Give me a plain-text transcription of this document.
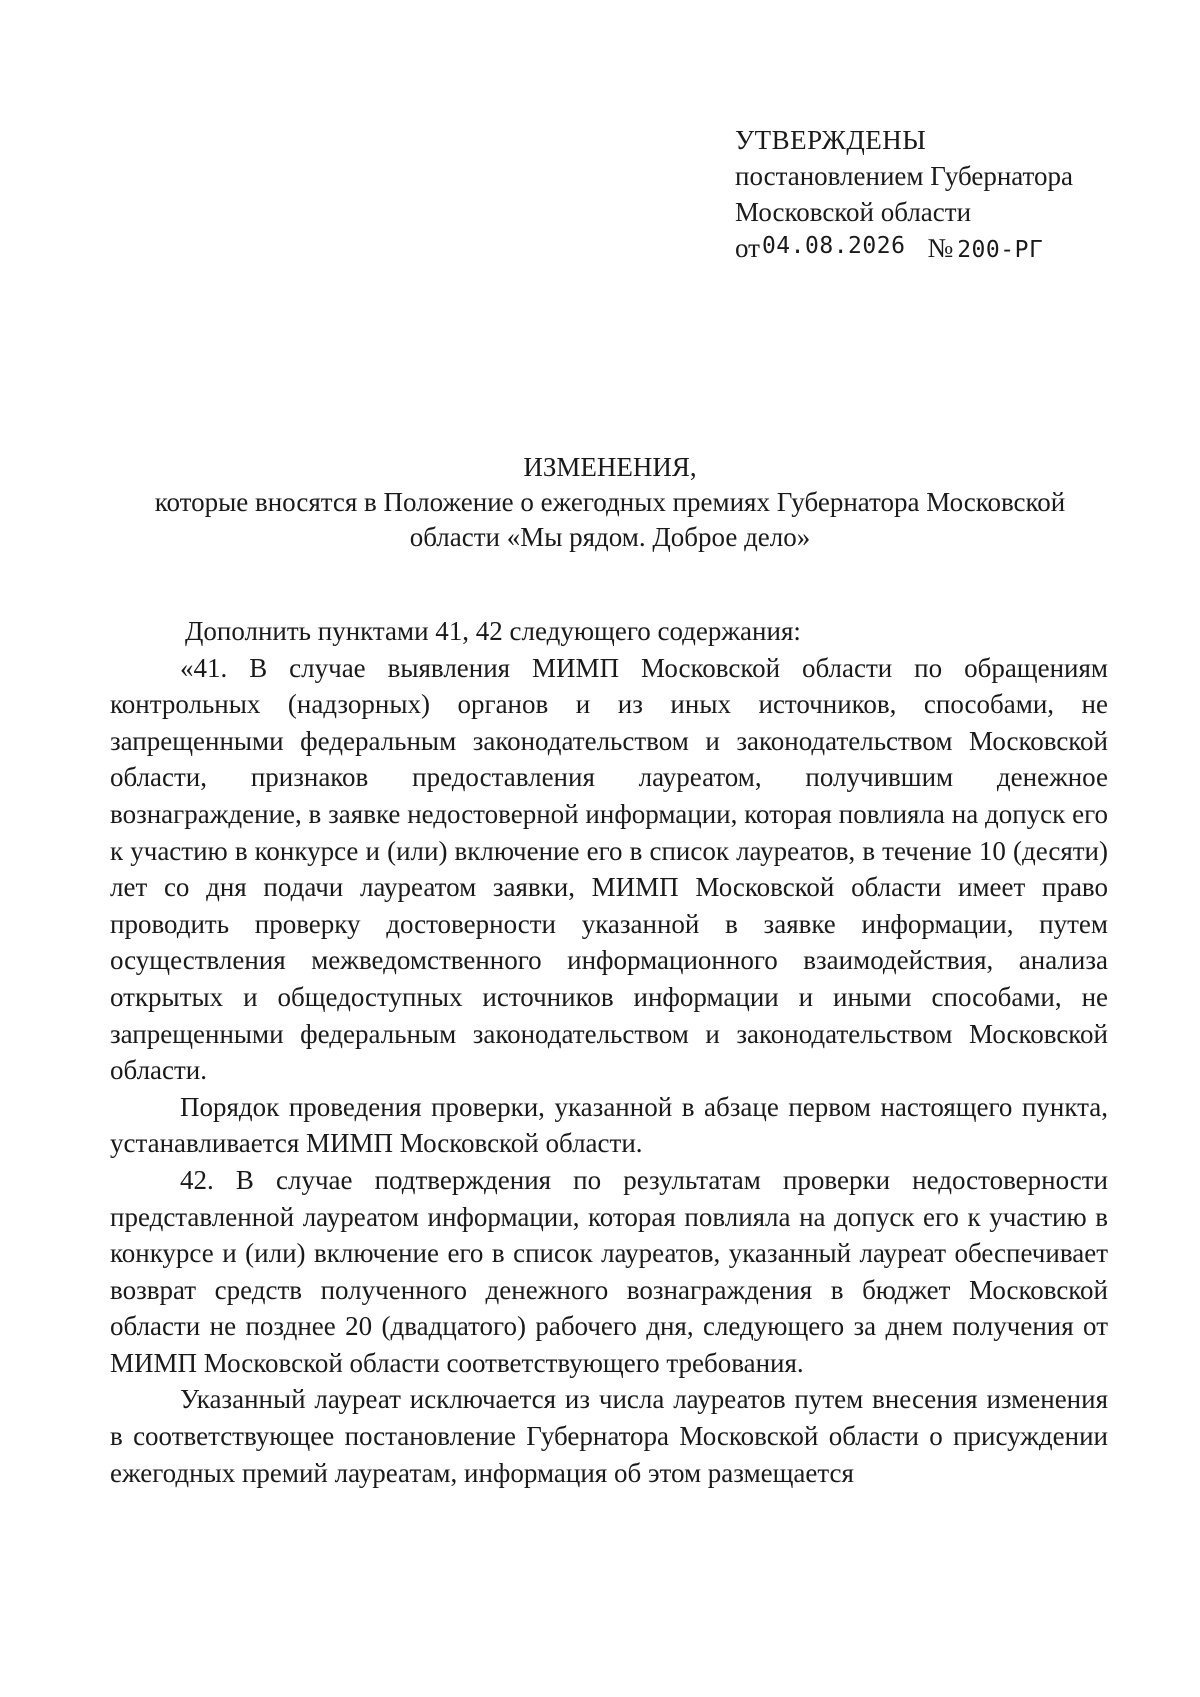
УТВЕРЖДЕНЫ
постановлением Губернатора
Московской области
от04.08.2026 № 200-РГ
ИЗМЕНЕНИЯ,
которые вносятся в Положение о ежегодных премиях Губернатора Московской области «Мы рядом. Доброе дело»

Дополнить пунктами 41, 42 следующего содержания:

«41. В случае выявления МИМП Московской области по обращениям контрольных (надзорных) органов и из иных источников, способами, не запрещенными федеральным законодательством и законодательством Московской области, признаков предоставления лауреатом, получившим денежное вознаграждение, в заявке недостоверной информации, которая повлияла на допуск его к участию в конкурсе и (или) включение его в список лауреатов, в течение 10 (десяти) лет со дня подачи лауреатом заявки, МИМП Московской области имеет право проводить проверку достоверности указанной в заявке информации, путем осуществления межведомственного информационного взаимодействия, анализа открытых и общедоступных источников информации и иными способами, не запрещенными федеральным законодательством и законодательством Московской области.

Порядок проведения проверки, указанной в абзаце первом настоящего пункта, устанавливается МИМП Московской области.

42. В случае подтверждения по результатам проверки недостоверности представленной лауреатом информации, которая повлияла на допуск его к участию в конкурсе и (или) включение его в список лауреатов, указанный лауреат обеспечивает возврат средств полученного денежного вознаграждения в бюджет Московской области не позднее 20 (двадцатого) рабочего дня, следующего за днем получения от МИМП Московской области соответствующего требования.

Указанный лауреат исключается из числа лауреатов путем внесения изменения в соответствующее постановление Губернатора Московской области о присуждении ежегодных премий лауреатам, информация об этом размещается
